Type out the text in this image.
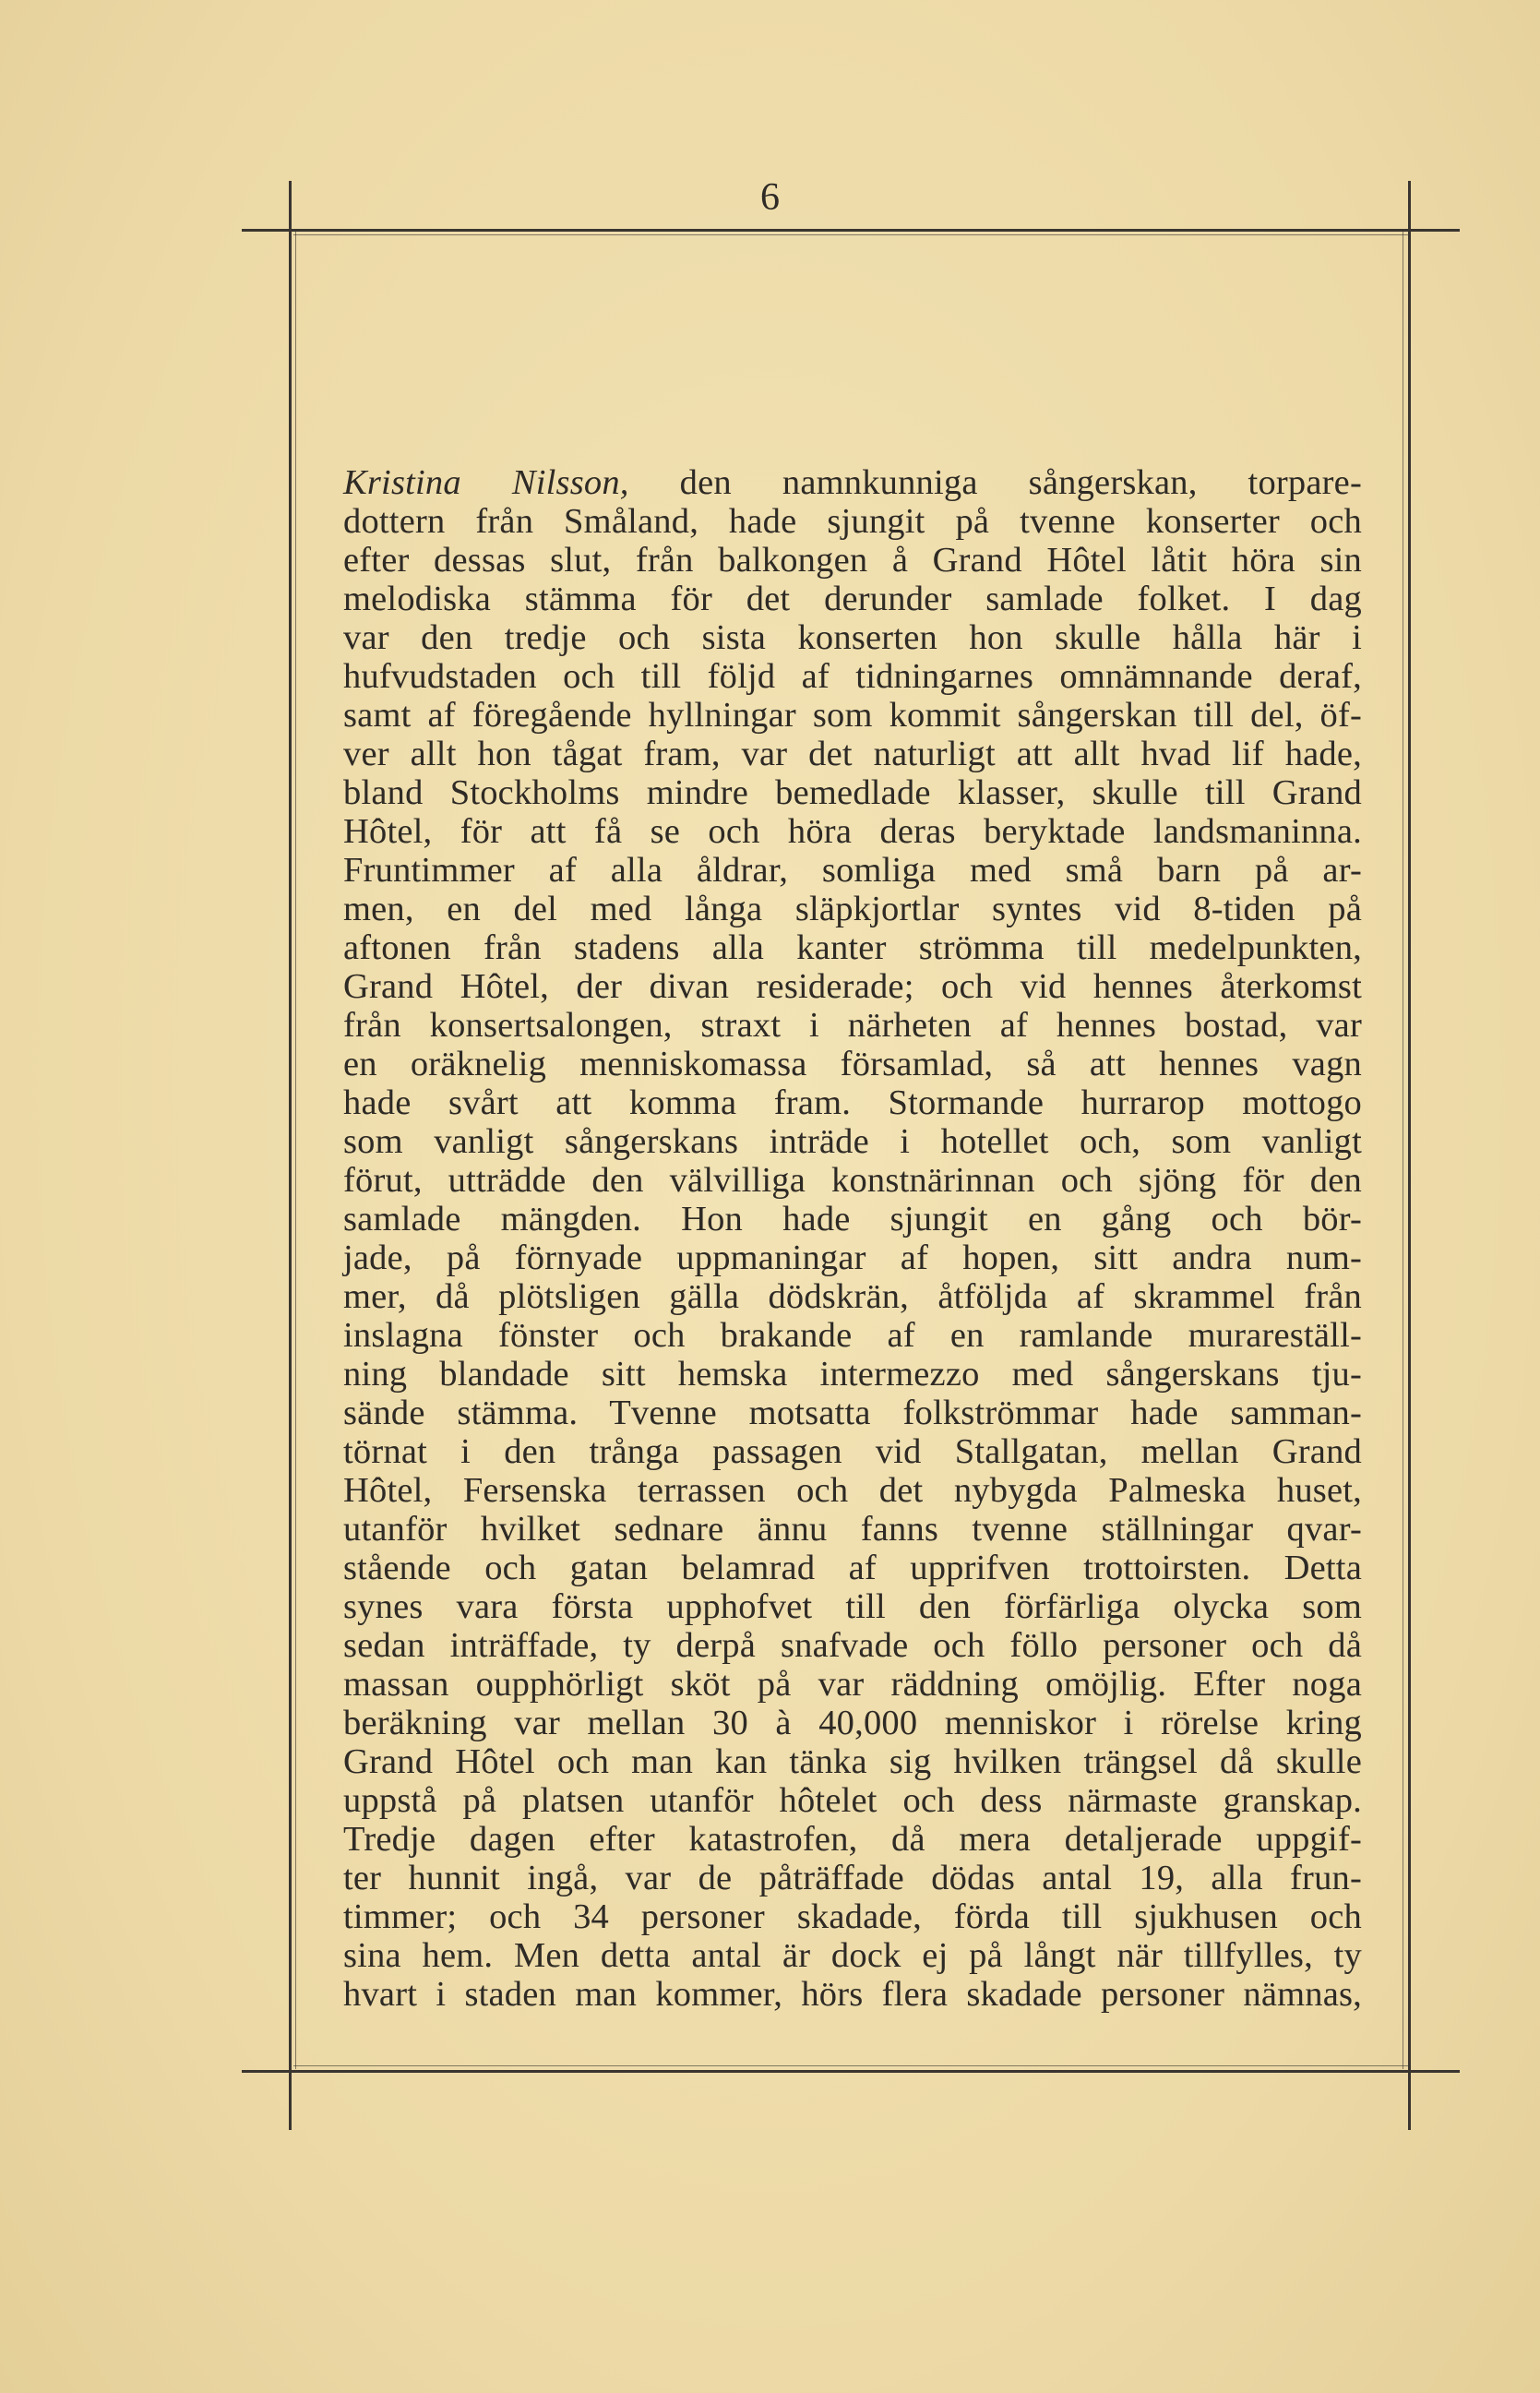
6
Kristina Nilsson, den namnkunniga sångerskan, torpare-
dottern från Småland, hade sjungit på tvenne konserter och
efter dessas slut, från balkongen å Grand Hôtel låtit höra sin
melodiska stämma för det derunder samlade folket. I dag
var den tredje och sista konserten hon skulle hålla här i
hufvudstaden och till följd af tidningarnes omnämnande deraf,
samt af föregående hyllningar som kommit sångerskan till del, öf-
ver allt hon tågat fram, var det naturligt att allt hvad lif hade,
bland Stockholms mindre bemedlade klasser, skulle till Grand
Hôtel, för att få se och höra deras beryktade landsmaninna.
Fruntimmer af alla åldrar, somliga med små barn på ar-
men, en del med långa släpkjortlar syntes vid 8-tiden på
aftonen från stadens alla kanter strömma till medelpunkten,
Grand Hôtel, der divan residerade; och vid hennes återkomst
från konsertsalongen, straxt i närheten af hennes bostad, var
en oräknelig menniskomassa församlad, så att hennes vagn
hade svårt att komma fram. Stormande hurrarop mottogo
som vanligt sångerskans inträde i hotellet och, som vanligt
förut, utträdde den välvilliga konstnärinnan och sjöng för den
samlade mängden. Hon hade sjungit en gång och bör-
jade, på förnyade uppmaningar af hopen, sitt andra num-
mer, då plötsligen gälla dödskrän, åtföljda af skrammel från
inslagna fönster och brakande af en ramlande murareställ-
ning blandade sitt hemska intermezzo med sångerskans tju-
sände stämma. Tvenne motsatta folkströmmar hade samman-
törnat i den trånga passagen vid Stallgatan, mellan Grand
Hôtel, Fersenska terrassen och det nybygda Palmeska huset,
utanför hvilket sednare ännu fanns tvenne ställningar qvar-
stående och gatan belamrad af upprifven trottoirsten. Detta
synes vara första upphofvet till den förfärliga olycka som
sedan inträffade, ty derpå snafvade och föllo personer och då
massan oupphörligt sköt på var räddning omöjlig. Efter noga
beräkning var mellan 30 à 40,000 menniskor i rörelse kring
Grand Hôtel och man kan tänka sig hvilken trängsel då skulle
uppstå på platsen utanför hôtelet och dess närmaste granskap.
Tredje dagen efter katastrofen, då mera detaljerade uppgif-
ter hunnit ingå, var de påträffade dödas antal 19, alla frun-
timmer; och 34 personer skadade, förda till sjukhusen och
sina hem. Men detta antal är dock ej på långt när tillfylles, ty
hvart i staden man kommer, hörs flera skadade personer nämnas,
